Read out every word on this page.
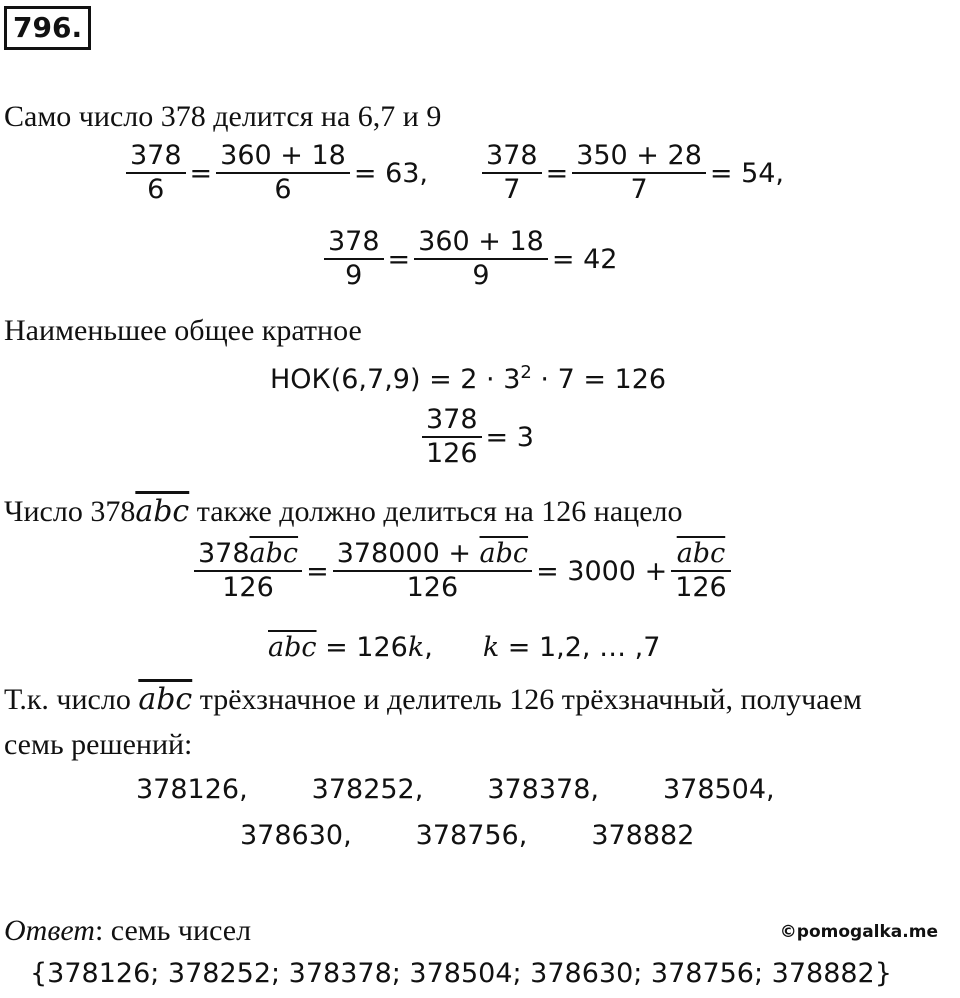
796.
Само число 378 делится на 6,7 и 9
$\frac{378}{6} = \frac{360 + 18}{6} = 63$, $\frac{378}{7} = \frac{350 + 28}{7} = 54$,
$\frac{378}{9} = \frac{360 + 18}{9} = 42$
Наименьшее общее кратное
$НОК(6,7,9) = 2 \cdot 3^2 \cdot 7 = 126$
$\frac{378}{126} = 3$
Число $378\overline{abc}$ также должно делиться на 126 нацело
$\frac{378\overline{abc}}{126} = \frac{378000 + \overline{abc}}{126} = 3000 + \frac{\overline{abc}}{126}$
$\overline{abc} = 126k$, k = 1,2, … ,7
Т.к. число $\overline{abc}$ трёхзначное и делитель 126 трёхзначный, получаем
семь решений:
378126, 378252, 378378, 378504,
378630, 378756, 378882
Ответ: семь чисел	©pomogalka.me
{378126; 378252; 378378; 378504; 378630; 378756; 378882}
